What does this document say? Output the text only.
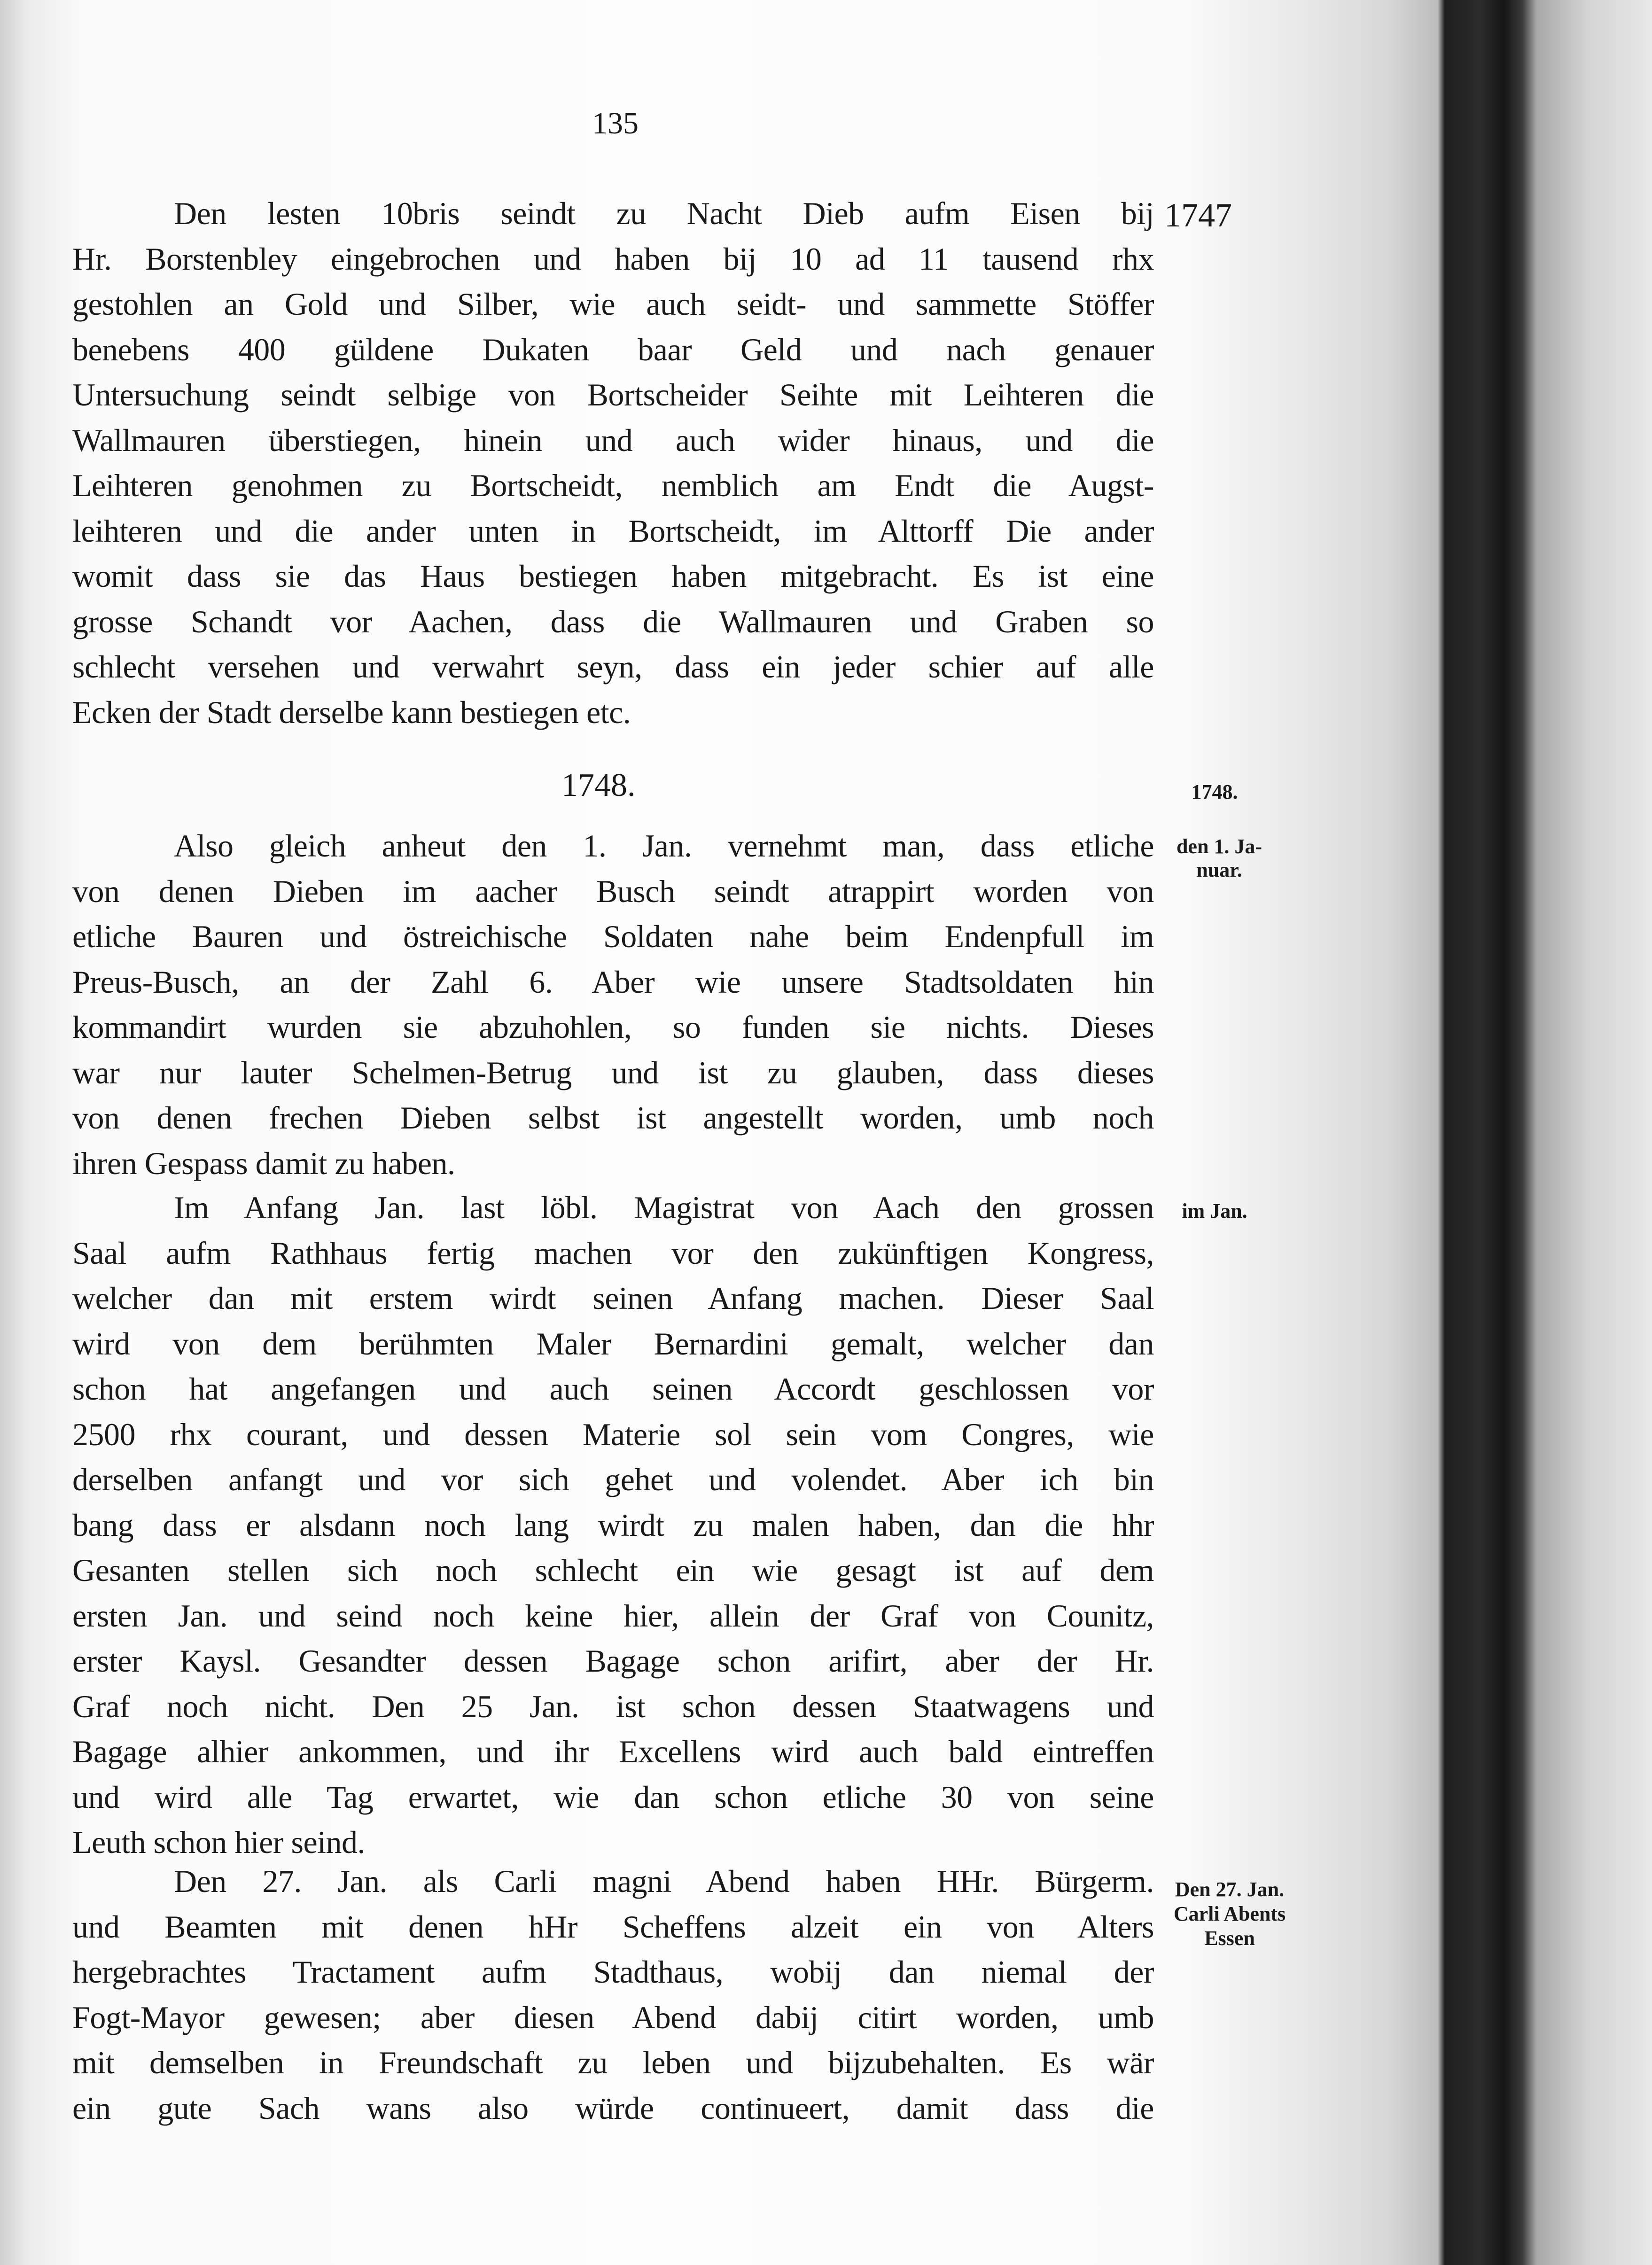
135
1747
1748.	1748.
den 1. Ja-
nuar.
im Jan.
Den 27. Jan.
Carli Abents
Essen
Den lesten 10bris seindt zu Nacht Dieb aufm Eisen bij
Hr. Borstenbley eingebrochen und haben bij 10 ad 11 tausend rhx
gestohlen an Gold und Silber, wie auch seidt- und sammette Stöffer
benebens 400 güldene Dukaten baar Geld und nach genauer
Untersuchung seindt selbige von Bortscheider Seihte mit Leihteren die
Wallmauren überstiegen, hinein und auch wider hinaus, und die
Leihteren genohmen zu Bortscheidt, nemblich am Endt die Augst-
leihteren und die ander unten in Bortscheidt, im Alttorff Die ander
womit dass sie das Haus bestiegen haben mitgebracht. Es ist eine
grosse Schandt vor Aachen, dass die Wallmauren und Graben so
schlecht versehen und verwahrt seyn, dass ein jeder schier auf alle
Ecken der Stadt derselbe kann bestiegen etc.
Also gleich anheut den 1. Jan. vernehmt man, dass etliche
von denen Dieben im aacher Busch seindt atrappirt worden von
etliche Bauren und östreichische Soldaten nahe beim Endenpfull im
Preus-Busch, an der Zahl 6. Aber wie unsere Stadtsoldaten hin
kommandirt wurden sie abzuhohlen, so funden sie nichts. Dieses
war nur lauter Schelmen-Betrug und ist zu glauben, dass dieses
von denen frechen Dieben selbst ist angestellt worden, umb noch
ihren Gespass damit zu haben.
Im Anfang Jan. last löbl. Magistrat von Aach den grossen
Saal aufm Rathhaus fertig machen vor den zukünftigen Kongress,
welcher dan mit erstem wirdt seinen Anfang machen. Dieser Saal
wird von dem berühmten Maler Bernardini gemalt, welcher dan
schon hat angefangen und auch seinen Accordt geschlossen vor
2500 rhx courant, und dessen Materie sol sein vom Congres, wie
derselben anfangt und vor sich gehet und volendet. Aber ich bin
bang dass er alsdann noch lang wirdt zu malen haben, dan die hhr
Gesanten stellen sich noch schlecht ein wie gesagt ist auf dem
ersten Jan. und seind noch keine hier, allein der Graf von Counitz,
erster Kaysl. Gesandter dessen Bagage schon arifirt, aber der Hr.
Graf noch nicht. Den 25 Jan. ist schon dessen Staatwagens und
Bagage alhier ankommen, und ihr Excellens wird auch bald eintreffen
und wird alle Tag erwartet, wie dan schon etliche 30 von seine
Leuth schon hier seind.
Den 27. Jan. als Carli magni Abend haben HHr. Bürgerm.
und Beamten mit denen hHr Scheffens alzeit ein von Alters
hergebrachtes Tractament aufm Stadthaus, wobij dan niemal der
Fogt-Mayor gewesen; aber diesen Abend dabij citirt worden, umb
mit demselben in Freundschaft zu leben und bijzubehalten. Es wär
ein gute Sach wans also würde continueert, damit dass die
